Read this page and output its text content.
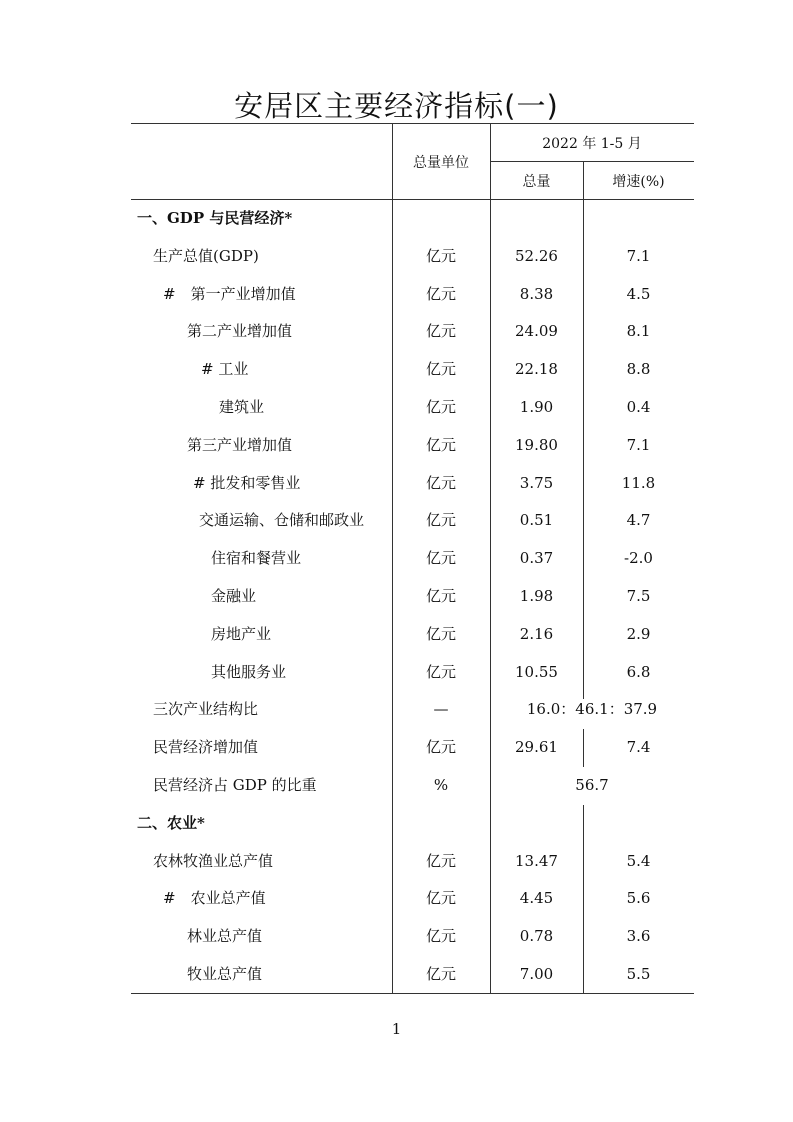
安居区主要经济指标(一)
总量单位
2022 年 1-5 月
总量	增速(%)
一、GDP 与民营经济*
生产总值(GDP)	亿元	52.26	7.1
#　第一产业增加值	亿元	8.38	4.5
第二产业增加值	亿元	24.09	8.1
# 工业	亿元	22.18	8.8
建筑业	亿元	1.90	0.4
第三产业增加值	亿元	19.80	7.1
# 批发和零售业	亿元	3.75	11.8
交通运输、仓储和邮政业	亿元	0.51	4.7
住宿和餐营业	亿元	0.37	-2.0
金融业	亿元	1.98	7.5
房地产业	亿元	2.16	2.9
其他服务业	亿元	10.55	6.8
三次产业结构比	—	16.0：46.1：37.9
民营经济增加值	亿元	29.61	7.4
民营经济占 GDP 的比重	%	56.7
二、农业*
农林牧渔业总产值	亿元	13.47	5.4
#　农业总产值	亿元	4.45	5.6
林业总产值	亿元	0.78	3.6
牧业总产值	亿元	7.00	5.5
1
